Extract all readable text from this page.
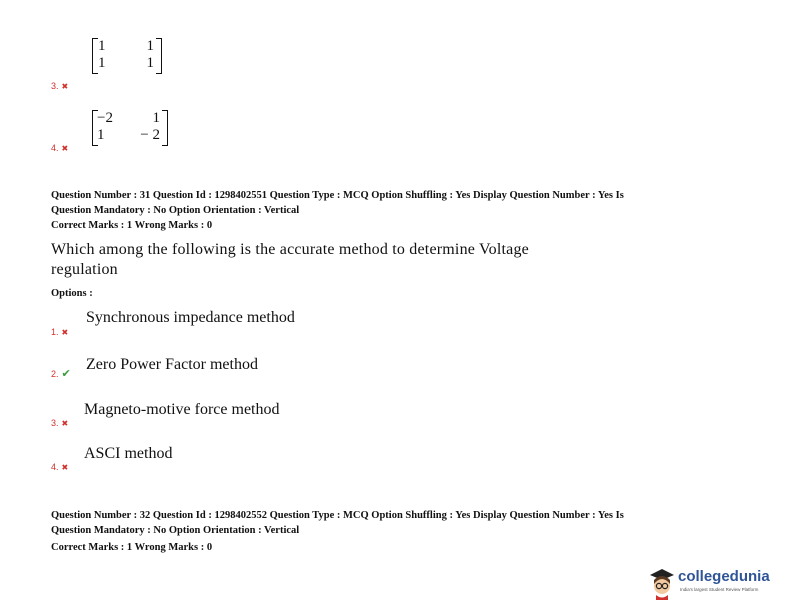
1	1
1	1
3. ✖
−2	1
1 − 2
4. ✖
Question Number : 31 Question Id : 1298402551 Question Type : MCQ Option Shuffling : Yes Display Question Number : Yes Is
Question Mandatory : No Option Orientation : Vertical
Correct Marks : 1 Wrong Marks : 0
Which among the following is the accurate method to determine Voltage
regulation
Options :
Synchronous impedance method
1. ✖
Zero Power Factor method
2. ✔
Magneto-motive force method
3. ✖
ASCI method
4. ✖
Question Number : 32 Question Id : 1298402552 Question Type : MCQ Option Shuffling : Yes Display Question Number : Yes Is
Question Mandatory : No Option Orientation : Vertical
Correct Marks : 1 Wrong Marks : 0
collegedunia
India's largest Student Review Platform
